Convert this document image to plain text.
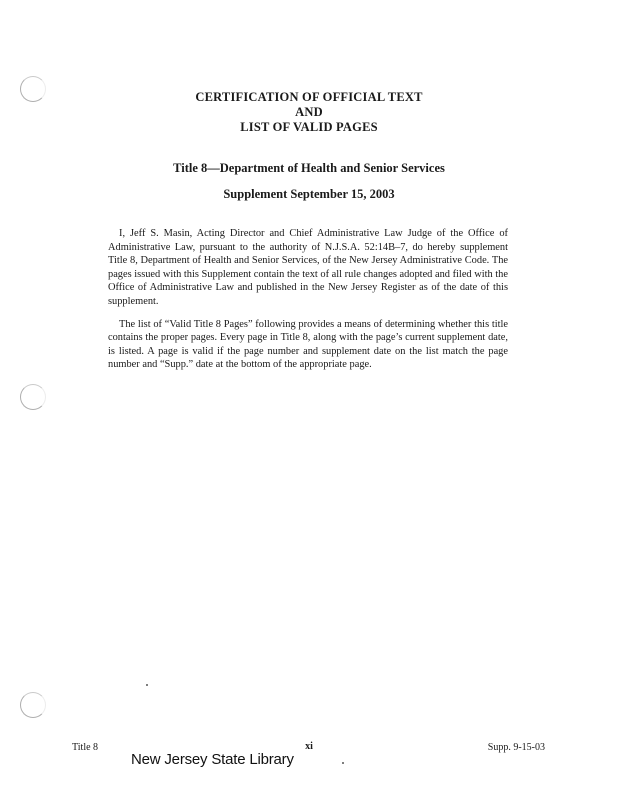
CERTIFICATION OF OFFICIAL TEXT
AND
LIST OF VALID PAGES
Title 8—Department of Health and Senior Services
Supplement September 15, 2003

I, Jeff S. Masin, Acting Director and Chief Administrative Law Judge of the Office of Administrative Law, pursuant to the authority of N.J.S.A. 52:14B–7, do hereby supplement Title 8, Department of Health and Senior Services, of the New Jersey Administrative Code. The pages issued with this Supplement contain the text of all rule changes adopted and filed with the Office of Administrative Law and published in the New Jersey Register as of the date of this supplement.

The list of “Valid Title 8 Pages” following provides a means of determining whether this title contains the proper pages. Every page in Title 8, along with the page’s current supplement date, is listed. A page is valid if the page number and supplement date on the list match the page number and “Supp.” date at the bottom of the appropriate page.

Title 8	xi	Supp. 9-15-03
New Jersey State Library
